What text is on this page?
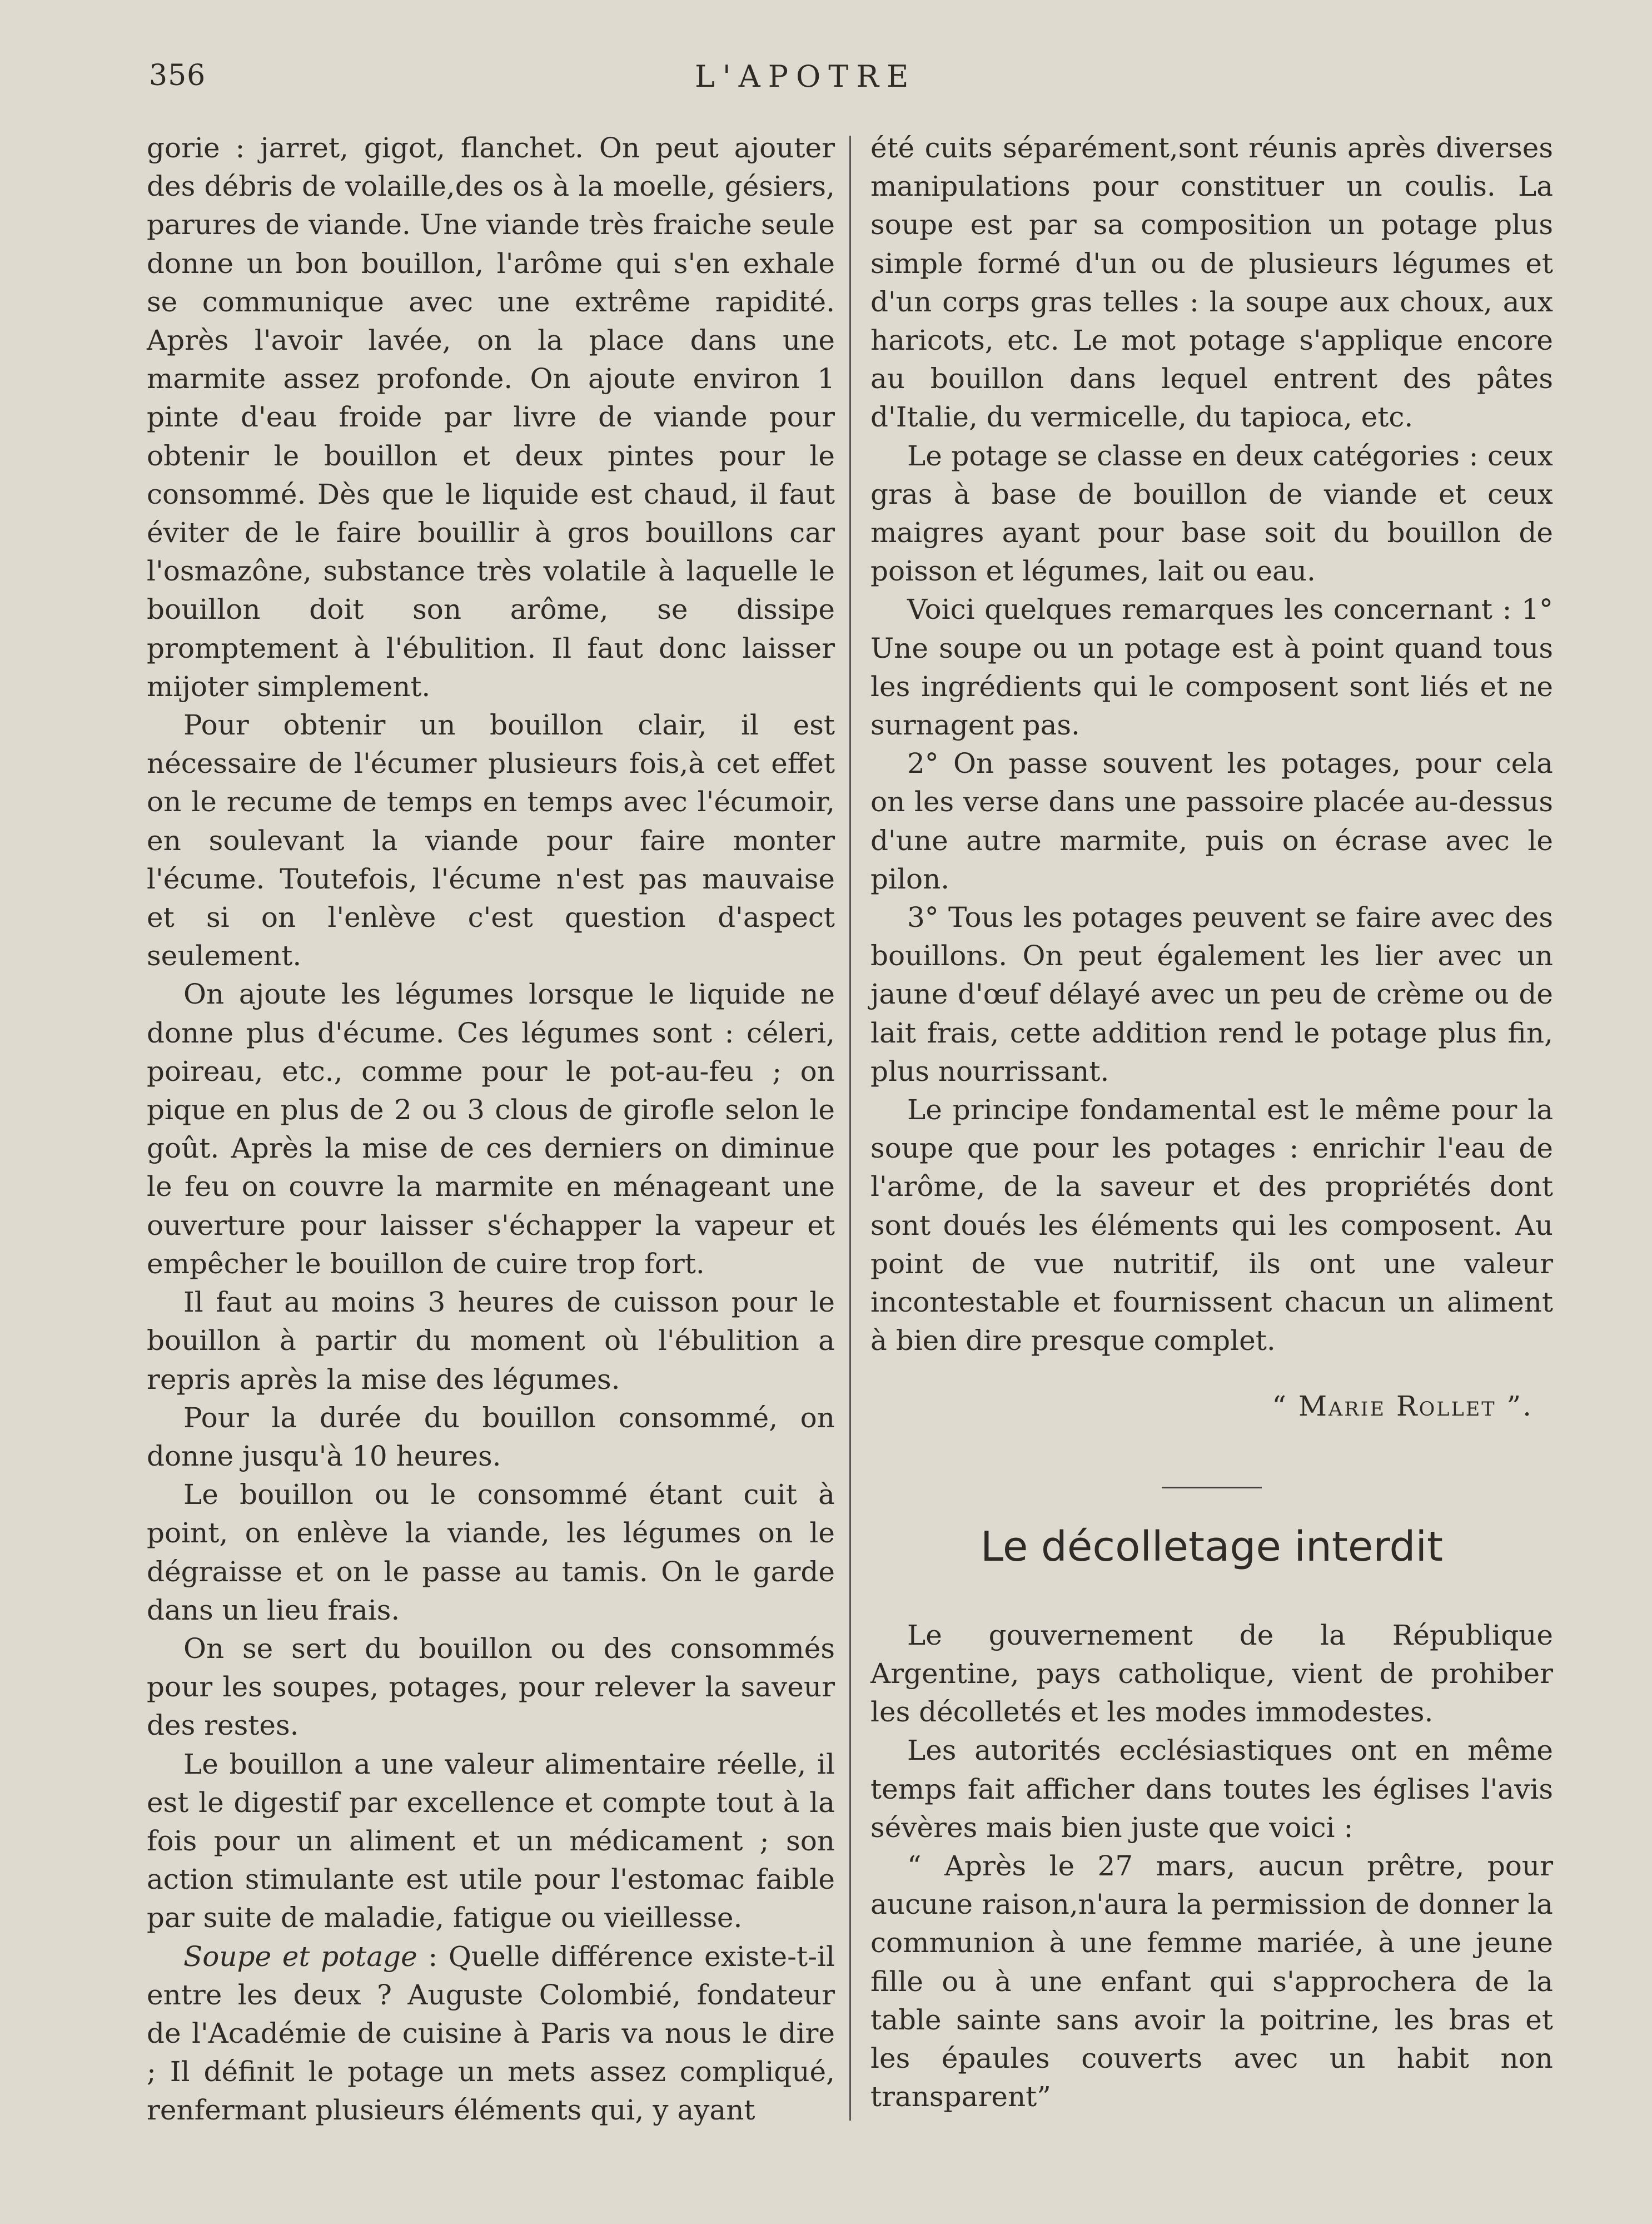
356	L'APOTRE

gorie : jarret, gigot, flanchet. On peut ajouter des débris de volaille,des os à la moelle, gésiers, parures de viande. Une viande très fraiche seule donne un bon bouillon, l'arôme qui s'en exhale se communique avec une extrême rapidité. Après l'avoir lavée, on la place dans une marmite assez profonde. On ajoute environ 1 pinte d'eau froide par livre de viande pour obtenir le bouillon et deux pintes pour le consommé. Dès que le liquide est chaud, il faut éviter de le faire bouillir à gros bouillons car l'osmazône, substance très volatile à laquelle le bouillon doit son arôme, se dissipe promptement à l'ébulition. Il faut donc laisser mijoter simplement.

Pour obtenir un bouillon clair, il est nécessaire de l'écumer plusieurs fois,à cet effet on le recume de temps en temps avec l'écumoir, en soulevant la viande pour faire monter l'écume. Toutefois, l'écume n'est pas mauvaise et si on l'enlève c'est question d'aspect seulement.

On ajoute les légumes lorsque le liquide ne donne plus d'écume. Ces légumes sont : céleri, poireau, etc., comme pour le pot-au-feu ; on pique en plus de 2 ou 3 clous de girofle selon le goût. Après la mise de ces derniers on diminue le feu on couvre la marmite en ménageant une ouverture pour laisser s'échapper la vapeur et empêcher le bouillon de cuire trop fort.

Il faut au moins 3 heures de cuisson pour le bouillon à partir du moment où l'ébulition a repris après la mise des légumes.

Pour la durée du bouillon consommé, on donne jusqu'à 10 heures.

Le bouillon ou le consommé étant cuit à point, on enlève la viande, les légumes on le dégraisse et on le passe au tamis. On le garde dans un lieu frais.

On se sert du bouillon ou des consommés pour les soupes, potages, pour relever la saveur des restes.

Le bouillon a une valeur alimentaire réelle, il est le digestif par excellence et compte tout à la fois pour un aliment et un médicament ; son action stimulante est utile pour l'estomac faible par suite de maladie, fatigue ou vieillesse.

Soupe et potage : Quelle différence existe-t-il entre les deux ? Auguste Colombié, fondateur de l'Académie de cuisine à Paris va nous le dire ; Il définit le potage un mets assez compliqué, renfermant plusieurs éléments qui, y ayant

été cuits séparément,sont réunis après diverses manipulations pour constituer un coulis. La soupe est par sa composition un potage plus simple formé d'un ou de plusieurs légumes et d'un corps gras telles : la soupe aux choux, aux haricots, etc. Le mot potage s'applique encore au bouillon dans lequel entrent des pâtes d'Italie, du vermicelle, du tapioca, etc.

Le potage se classe en deux catégories : ceux gras à base de bouillon de viande et ceux maigres ayant pour base soit du bouillon de poisson et légumes, lait ou eau.

Voici quelques remarques les concernant : 1° Une soupe ou un potage est à point quand tous les ingrédients qui le composent sont liés et ne surnagent pas.

2° On passe souvent les potages, pour cela on les verse dans une passoire placée au-dessus d'une autre marmite, puis on écrase avec le pilon.

3° Tous les potages peuvent se faire avec des bouillons. On peut également les lier avec un jaune d'œuf délayé avec un peu de crème ou de lait frais, cette addition rend le potage plus fin, plus nourrissant.

Le principe fondamental est le même pour la soupe que pour les potages : enrichir l'eau de l'arôme, de la saveur et des propriétés dont sont doués les éléments qui les composent. Au point de vue nutritif, ils ont une valeur incontestable et fournissent chacun un aliment à bien dire presque complet.

“ Marie Rollet ”.
Le décolletage interdit

Le gouvernement de la République Argentine, pays catholique, vient de prohiber les décolletés et les modes immodestes.

Les autorités ecclésiastiques ont en même temps fait afficher dans toutes les églises l'avis sévères mais bien juste que voici :

“ Après le 27 mars, aucun prêtre, pour aucune raison,n'aura la permission de donner la communion à une femme mariée, à une jeune fille ou à une enfant qui s'approchera de la table sainte sans avoir la poitrine, les bras et les épaules couverts avec un habit non transparent”
